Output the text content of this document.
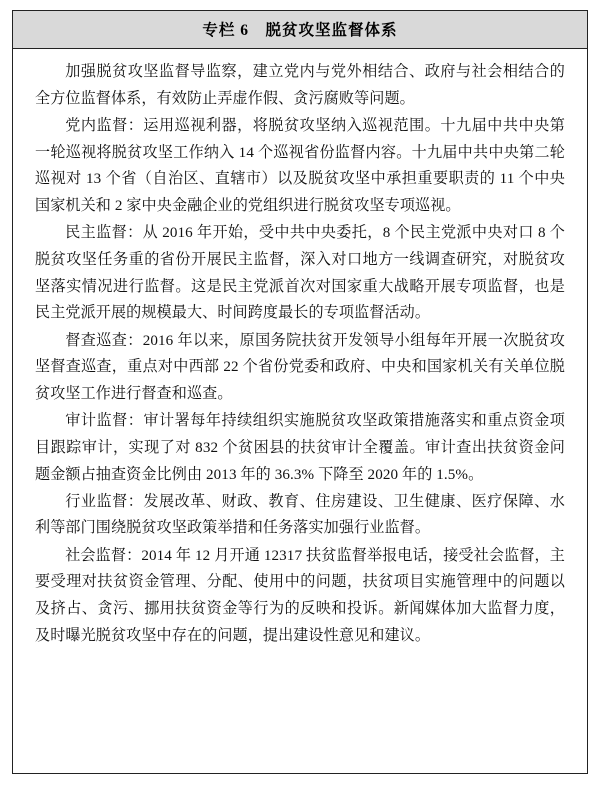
专栏 6　脱贫攻坚监督体系

加强脱贫攻坚监督导监察，建立党内与党外相结合、政府与社会相结合的全方位监督体系，有效防止弄虚作假、贪污腐败等问题。

党内监督：运用巡视利器，将脱贫攻坚纳入巡视范围。十九届中共中央第一轮巡视将脱贫攻坚工作纳入 14 个巡视省份监督内容。十九届中共中央第二轮巡视对 13 个省（自治区、直辖市）以及脱贫攻坚中承担重要职责的 11 个中央国家机关和 2 家中央金融企业的党组织进行脱贫攻坚专项巡视。

民主监督：从 2016 年开始，受中共中央委托，8 个民主党派中央对口 8 个脱贫攻坚任务重的省份开展民主监督，深入对口地方一线调查研究，对脱贫攻坚落实情况进行监督。这是民主党派首次对国家重大战略开展专项监督，也是民主党派开展的规模最大、时间跨度最长的专项监督活动。

督查巡查：2016 年以来，原国务院扶贫开发领导小组每年开展一次脱贫攻坚督查巡查，重点对中西部 22 个省份党委和政府、中央和国家机关有关单位脱贫攻坚工作进行督查和巡查。

审计监督：审计署每年持续组织实施脱贫攻坚政策措施落实和重点资金项目跟踪审计，实现了对 832 个贫困县的扶贫审计全覆盖。审计查出扶贫资金问题金额占抽查资金比例由 2013 年的 36.3% 下降至 2020 年的 1.5%。

行业监督：发展改革、财政、教育、住房建设、卫生健康、医疗保障、水利等部门围绕脱贫攻坚政策举措和任务落实加强行业监督。

社会监督：2014 年 12 月开通 12317 扶贫监督举报电话，接受社会监督，主要受理对扶贫资金管理、分配、使用中的问题，扶贫项目实施管理中的问题以及挤占、贪污、挪用扶贫资金等行为的反映和投诉。新闻媒体加大监督力度，及时曝光脱贫攻坚中存在的问题，提出建设性意见和建议。
